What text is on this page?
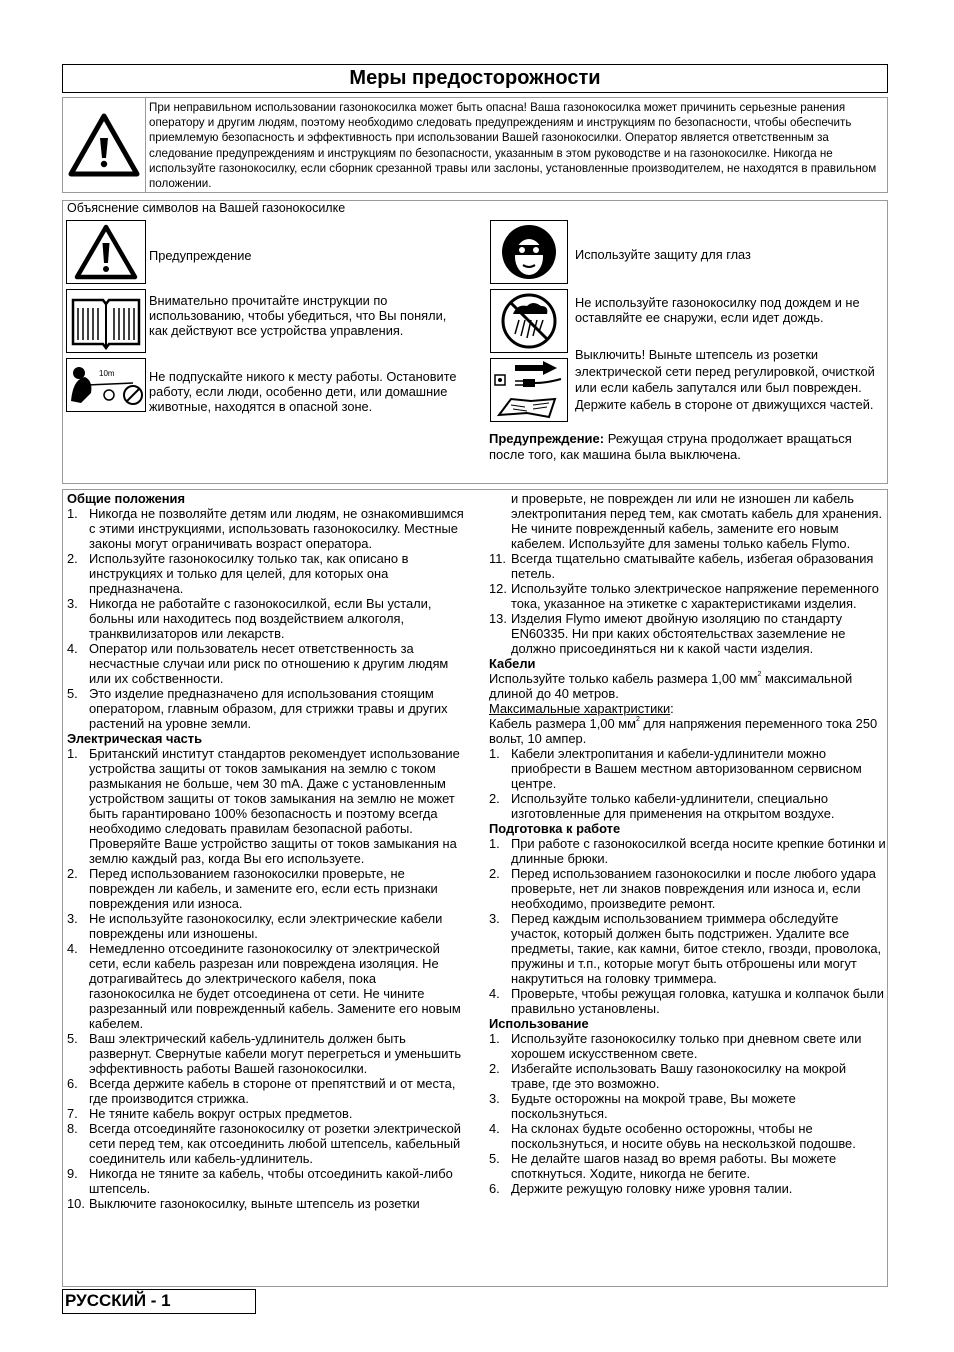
Меры предосторожности
При неправильном использовании газонокосилка может быть опасна! Ваша газонокосилка может причинить серьезные ранения оператору и другим людям, поэтому необходимо следовать предупреждениям и инструкциям по безопасности, чтобы обеспечить приемлемую безопасность и эффективность при использовании Вашей газонокосилки. Оператор является ответственным за следование предупреждениям и инструкциям по безопасности, указанным в этом руководстве и на газонокосилке. Никогда не используйте газонокосилку, если сборник срезанной травы или заслоны, установленные производителем, не находятся в правильном положении.
Объяснение символов на Вашей газонокосилке
Предупреждение
Внимательно прочитайте инструкции по использованию, чтобы убедиться, что Вы поняли, как действуют все устройства управления.
10m	Не подпускайте никого к месту работы. Остановите работу, если люди, особенно дети, или домашние животные, находятся в опасной зоне.
Используйте защиту для глаз
Не используйте газонокосилку под дождем и не оставляйте ее снаружи, если идет дождь.
Выключить! Выньте штепсель из розетки электрической сети перед регулировкой, очисткой или если кабель запутался или был поврежден. Держите кабель в стороне от движущихся частей.
Предупреждение: Режущая струна продолжает вращаться после того, как машина была выключена.
Общие положения
1. Никогда не позволяйте детям или людям, не ознакомившимся с этими инструкциями, использовать газонокосилку. Местные законы могут ограничивать возраст оператора.
2. Используйте газонокосилку только так, как описано в инструкциях и только для целей, для которых она предназначена.
3. Никогда не работайте с газонокосилкой, если Вы устали, больны или находитесь под воздействием алкоголя, транквилизаторов или лекарств.
4. Оператор или пользователь несет ответственность за несчастные случаи или риск по отношению к другим людям или их собственности.
5. Это изделие предназначено для использования стоящим оператором, главным образом, для стрижки травы и других растений на уровне земли.
Электрическая часть
1. Британский институт стандартов рекомендует использование устройства защиты от токов замыкания на землю с током размыкания не больше, чем 30 mA. Даже с установленным устройством защиты от токов замыкания на землю не может быть гарантировано 100% безопасность и поэтому всегда необходимо следовать правилам безопасной работы. Проверяйте Ваше устройство защиты от токов замыкания на землю каждый раз, когда Вы его используете.
2. Перед использованием газонокосилки проверьте, не поврежден ли кабель, и замените его, если есть признаки повреждения или износа.
3. Не используйте газонокосилку, если электрические кабели повреждены или изношены.
4. Немедленно отсоедините газонокосилку от электрической сети, если кабель разрезан или повреждена изоляция. Не дотрагивайтесь до электрического кабеля, пока газонокосилка не будет отсоединена от сети. Не чините разрезанный или поврежденный кабель. Замените его новым кабелем.
5. Ваш электрический кабель-удлинитель должен быть развернут. Свернутые кабели могут перегреться и уменьшить эффективность работы Вашей газонокосилки.
6. Всегда держите кабель в стороне от препятствий и от места, где производится стрижка.
7. Не тяните кабель вокруг острых предметов.
8. Всегда отсоединяйте газонокосилку от розетки электрической сети перед тем, как отсоединить любой штепсель, кабельный соединитель или кабель-удлинитель.
9. Никогда не тяните за кабель, чтобы отсоединить какой-либо штепсель.
10. Выключите газонокосилку, выньте штепсель из розетки
и проверьте, не поврежден ли или не изношен ли кабель электропитания перед тем, как смотать кабель для хранения. Не чините поврежденный кабель, замените его новым кабелем. Используйте для замены только кабель Flymo.
11. Всегда тщательно сматывайте кабель, избегая образования петель.
12. Используйте только электрическое напряжение переменного тока, указанное на этикетке с характеристиками изделия.
13. Изделия Flymo имеют двойную изоляцию по стандарту EN60335. Ни при каких обстоятельствах заземление не должно присоединяться ни к какой части изделия.
Кабели
Используйте только кабель размера 1,00 $мм^2$ максимальной длиной до 40 метров.
Максимальные характристики:
Кабель размера 1,00 $мм^2$ для напряжения переменного тока 250 вольт, 10 ампер.
1. Кабели электропитания и кабели-удлинители можно приобрести в Вашем местном авторизованном сервисном центре.
2. Используйте только кабели-удлинители, специально изготовленные для применения на открытом воздухе.
Подготовка к работе
1. При работе с газонокосилкой всегда носите крепкие ботинки и длинные брюки.
2. Перед использованием газонокосилки и после любого удара проверьте, нет ли знаков повреждения или износа и, если необходимо, произведите ремонт.
3. Перед каждым использованием триммера обследуйте участок, который должен быть подстрижен. Удалите все предметы, такие, как камни, битое стекло, гвозди, проволока, пружины и т.п., которые могут быть отброшены или могут накрутиться на головку триммера.
4. Проверьте, чтобы режущая головка, катушка и колпачок были правильно установлены.
Использование
1. Используйте газонокосилку только при дневном свете или хорошем искусственном свете.
2. Избегайте использовать Вашу газонокосилку на мокрой траве, где это возможно.
3. Будьте осторожны на мокрой траве, Вы можете поскользнуться.
4. На склонах будьте особенно осторожны, чтобы не поскользнуться, и носите обувь на нескользкой подошве.
5. Не делайте шагов назад во время работы. Вы можете споткнуться. Ходите, никогда не бегите.
6. Держите режущую головку ниже уровня талии.
РУССКИЙ - 1
